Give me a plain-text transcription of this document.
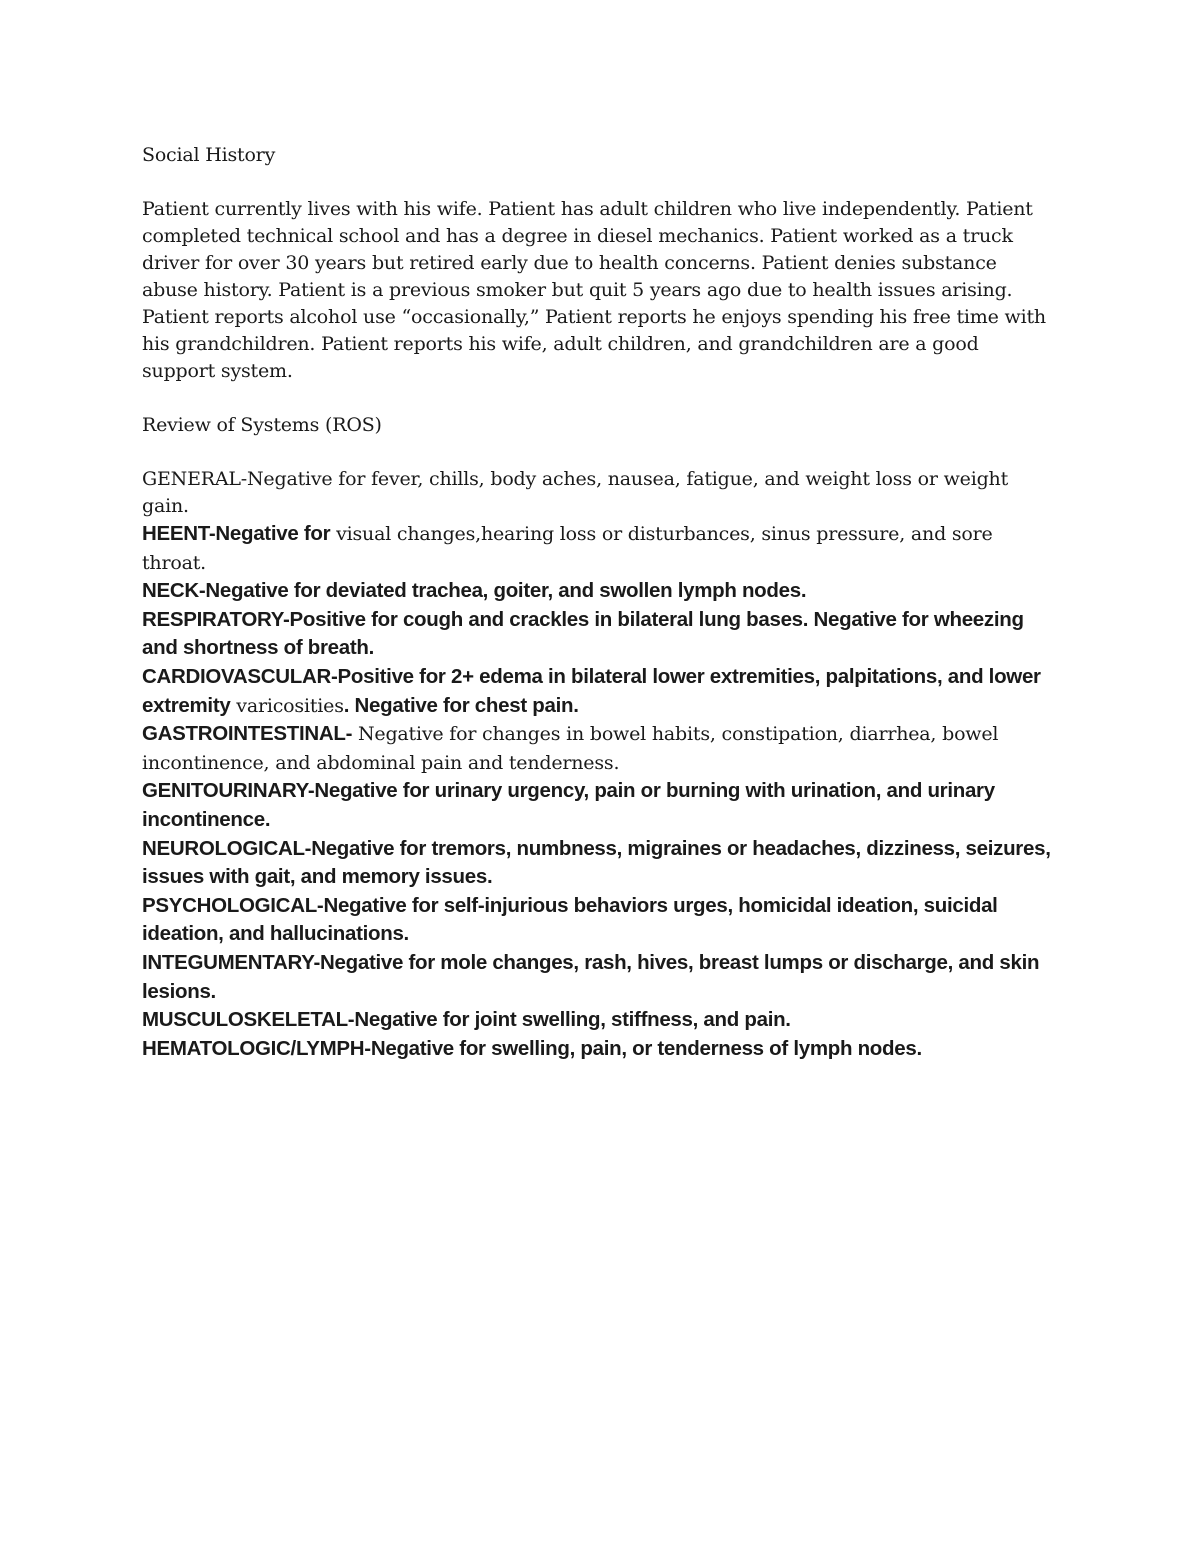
Social History

Patient currently lives with his wife. Patient has adult children who live independently. Patient completed technical school and has a degree in diesel mechanics. Patient worked as a truck driver for over 30 years but retired early due to health concerns. Patient denies substance abuse history. Patient is a previous smoker but quit 5 years ago due to health issues arising. Patient reports alcohol use “occasionally,” Patient reports he enjoys spending his free time with his grandchildren. Patient reports his wife, adult children, and grandchildren are a good support system.

Review of Systems (ROS)

GENERAL-Negative for fever, chills, body aches, nausea, fatigue, and weight loss or weight gain.

HEENT-Negative for visual changes,hearing loss or disturbances, sinus pressure, and sore throat.

NECK-Negative for deviated trachea, goiter, and swollen lymph nodes.

RESPIRATORY-Positive for cough and crackles in bilateral lung bases. Negative for wheezing and shortness of breath.

CARDIOVASCULAR-Positive for 2+ edema in bilateral lower extremities, palpitations, and lower extremity varicosities. Negative for chest pain.

GASTROINTESTINAL- Negative for changes in bowel habits, constipation, diarrhea, bowel incontinence, and abdominal pain and tenderness.

GENITOURINARY-Negative for urinary urgency, pain or burning with urination, and urinary incontinence.

NEUROLOGICAL-Negative for tremors, numbness, migraines or headaches, dizziness, seizures, issues with gait, and memory issues.

PSYCHOLOGICAL-Negative for self-injurious behaviors urges, homicidal ideation, suicidal ideation, and hallucinations.

INTEGUMENTARY-Negative for mole changes, rash, hives, breast lumps or discharge, and skin lesions.

MUSCULOSKELETAL-Negative for joint swelling, stiffness, and pain.

HEMATOLOGIC/LYMPH-Negative for swelling, pain, or tenderness of lymph nodes.
